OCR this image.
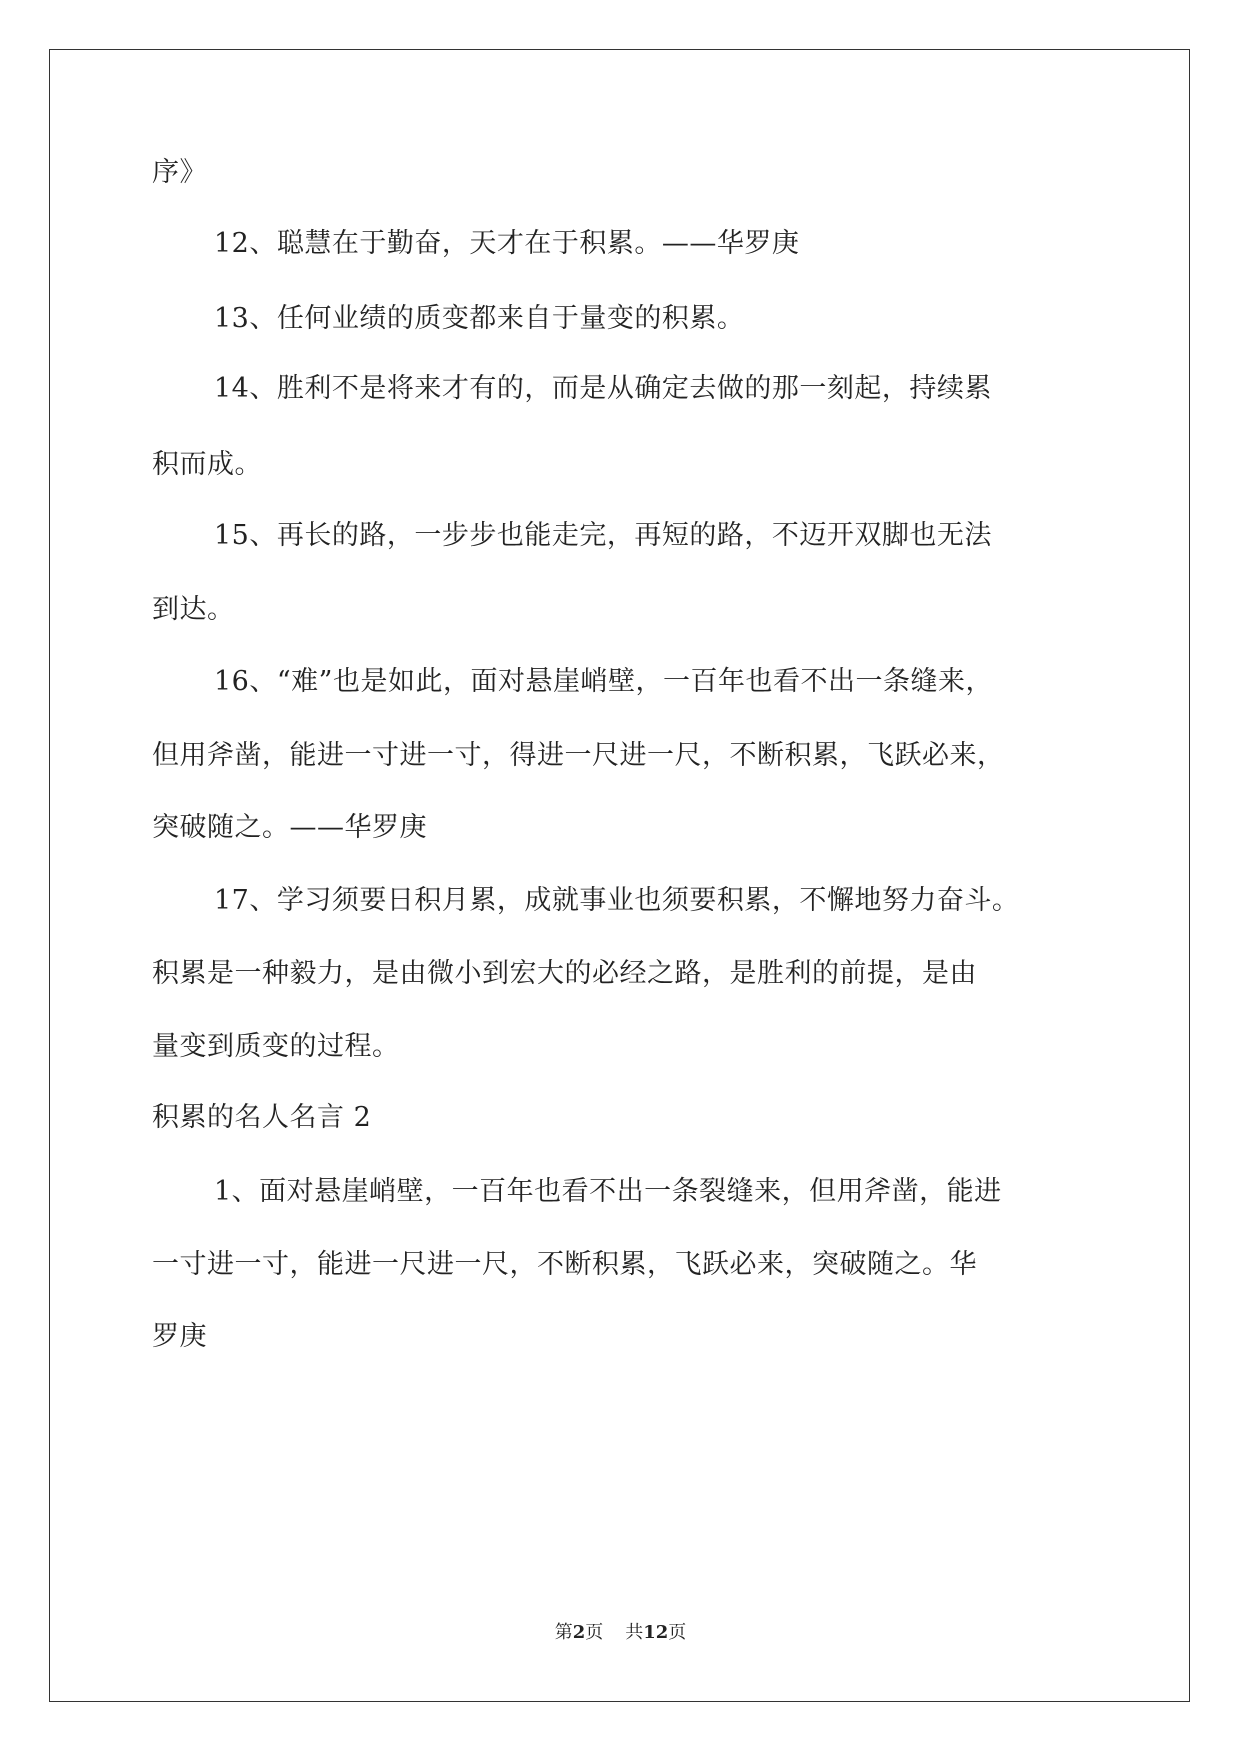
序》
12、聪慧在于勤奋，天才在于积累。——华罗庚
13、任何业绩的质变都来自于量变的积累。
14、胜利不是将来才有的，而是从确定去做的那一刻起，持续累
积而成。
15、再长的路，一步步也能走完，再短的路，不迈开双脚也无法
到达。
16、“难”也是如此，面对悬崖峭壁，一百年也看不出一条缝来，
但用斧凿，能进一寸进一寸，得进一尺进一尺，不断积累，飞跃必来，
突破随之。——华罗庚
17、学习须要日积月累，成就事业也须要积累，不懈地努力奋斗。
积累是一种毅力，是由微小到宏大的必经之路，是胜利的前提，是由
量变到质变的过程。
积累的名人名言 2
1、面对悬崖峭壁，一百年也看不出一条裂缝来，但用斧凿，能进
一寸进一寸，能进一尺进一尺，不断积累，飞跃必来，突破随之。华
罗庚
第2页 共12页
